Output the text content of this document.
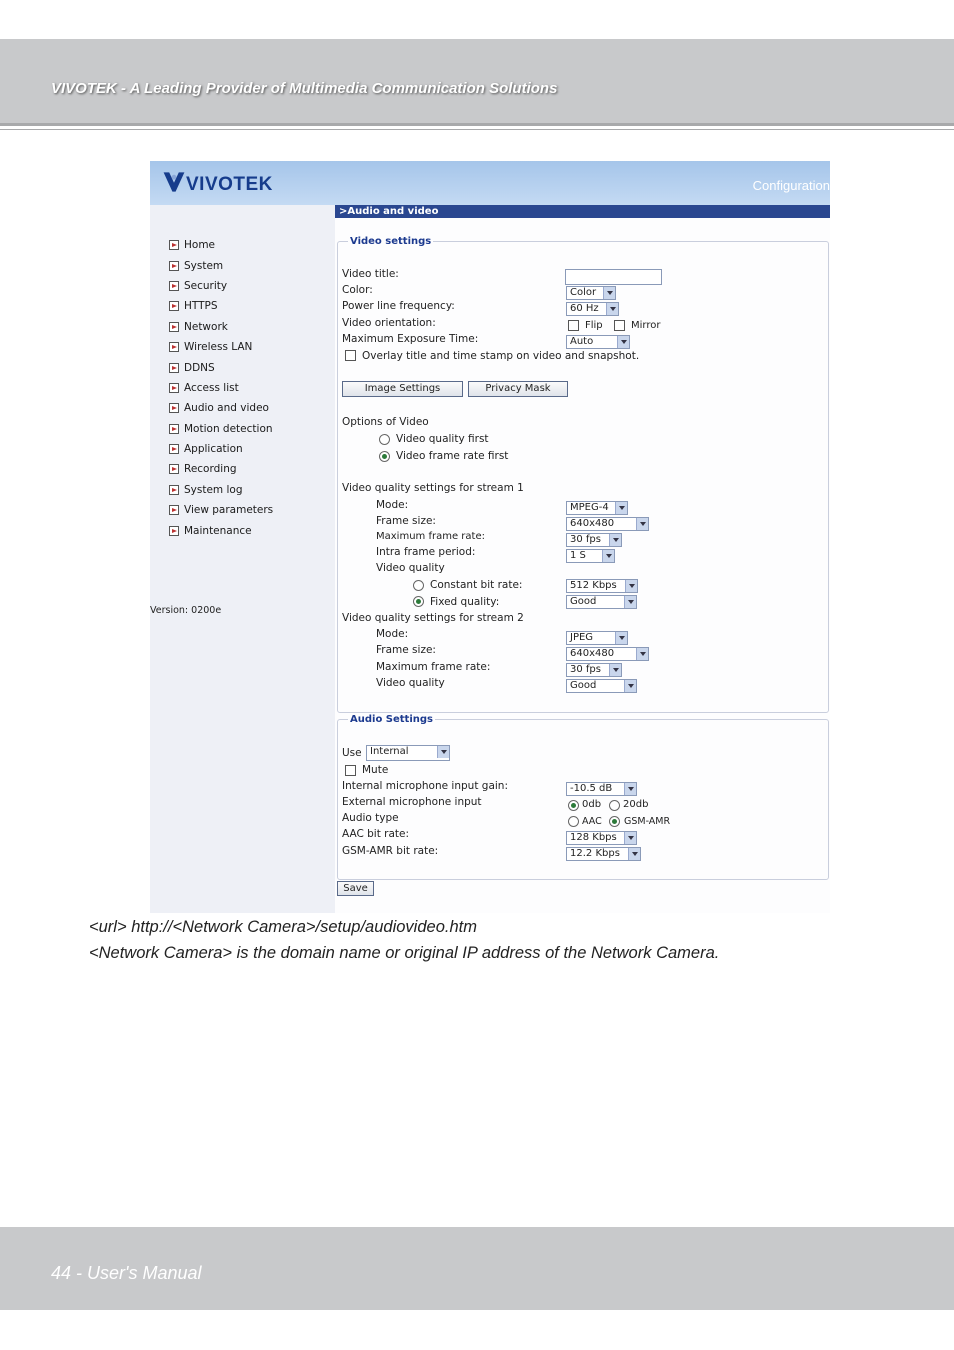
VIVOTEK - A Leading Provider of Multimedia Communication Solutions
VIVOTEK	Configuration
Home
System
Security
HTTPS
Network
Wireless LAN
DDNS
Access list
Audio and video
Motion detection
Application
Recording
System log
View parameters
Maintenance
Version: 0200e
>Audio and video
Video settings
Video title:
Color:	Color
Power line frequency:	60 Hz
Video orientation:	Flip	Mirror
Maximum Exposure Time:	Auto
Overlay title and time stamp on video and snapshot.
Image Settings	Privacy Mask
Options of Video
Video quality first
Video frame rate first
Video quality settings for stream 1
Mode:	MPEG-4
Frame size:	640x480
Maximum frame rate:	30 fps
Intra frame period:	1 S
Video quality
Constant bit rate:	512 Kbps
Fixed quality:	Good
Video quality settings for stream 2
Mode:	JPEG
Frame size:	640x480
Maximum frame rate:	30 fps
Video quality	Good
Audio Settings
Use Internal
Mute
Internal microphone input gain:	-10.5 dB
External microphone input	0db 20db
Audio type	AAC GSM-AMR
AAC bit rate:	128 Kbps
GSM-AMR bit rate:	12.2 Kbps
Save
<url> http://<Network Camera>/setup/audiovideo.htm
<Network Camera> is the domain name or original IP address of the Network Camera.
44 - User's Manual
